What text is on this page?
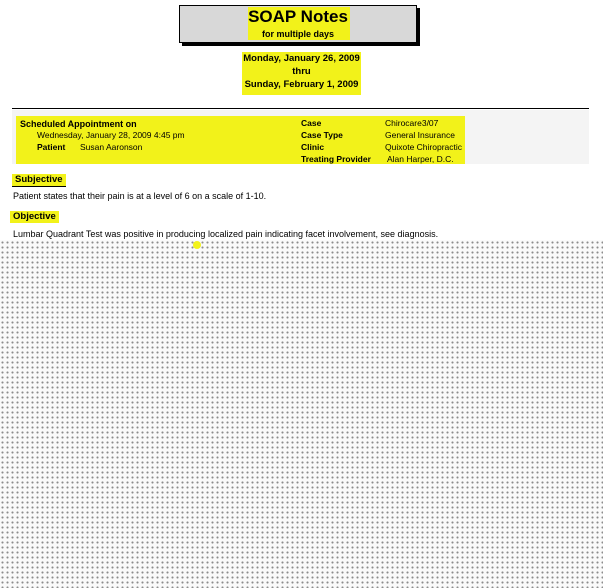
SOAP Notes
for multiple days
Monday, January 26, 2009
thru
Sunday, February 1, 2009
Scheduled Appointment on
Wednesday, January 28, 2009 4:45 pm
Patient Susan Aaronson
Case	Chirocare3/07
Case Type	General Insurance
Clinic	Quixote Chiropractic
Treating Provider Alan Harper, D.C.
Subjective
Patient states that their pain is at a level of 6 on a scale of 1-10.
Objective
Lumbar Quadrant Test was positive in producing localized pain indicating facet involvement, see diagnosis.
